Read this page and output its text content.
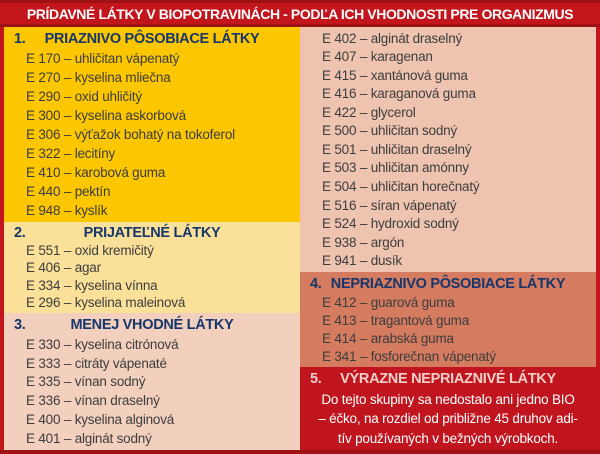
PRÍDAVNÉ LÁTKY V BIOPOTRAVINÁCH - PODĽA ICH VHODNOSTI PRE ORGANIZMUS
1. PRIAZNIVO PÔSOBIACE LÁTKY
E 170 – uhličitan vápenatý
E 270 – kyselina mliečna
E 290 – oxid uhličitý
E 300 – kyselina askorbová
E 306 – výťažok bohatý na tokoferol
E 322 – lecitíny
E 410 – karobová guma
E 440 – pektín
E 948 – kyslík
2.	PRIJATEĽNÉ LÁTKY
E 551 – oxid kremičitý
E 406 – agar
E 334 – kyselina vínna
E 296 – kyselina maleinová
3.	MENEJ VHODNÉ LÁTKY
E 330 – kyselina citrónová
E 333 – citráty vápenaté
E 335 – vínan sodný
E 336 – vínan draselný
E 400 – kyselina alginová
E 401 – alginát sodný
E 402 – alginát draselný
E 407 – karagenan
E 415 – xantánová guma
E 416 – karaganová guma
E 422 – glycerol
E 500 – uhličitan sodný
E 501 – uhličitan draselný
E 503 – uhličitan amónny
E 504 – uhličitan horečnatý
E 516 – síran vápenatý
E 524 – hydroxid sodný
E 938 – argón
E 941 – dusík
4. NEPRIAZNIVO PÔSOBIACE LÁTKY
E 412 – guarová guma
E 413 – tragantová guma
E 414 – arabská guma
E 341 – fosforečnan vápenatý
5. VÝRAZNE NEPRIAZNIVÉ LÁTKY
Do tejto skupiny sa nedostalo ani jedno BIO
– éčko, na rozdiel od približne 45 druhov adi-
tív používaných v bežných výrobkoch.
